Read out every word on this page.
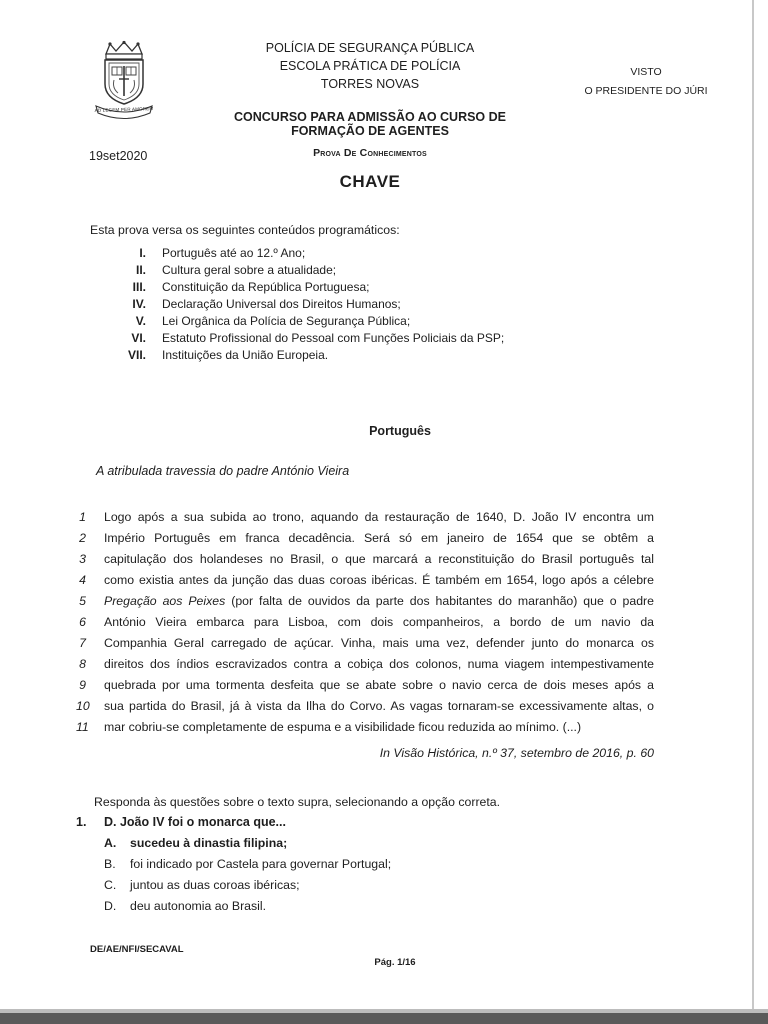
AD LEGEM PER AMOREM
POLÍCIA DE SEGURANÇA PÚBLICA
ESCOLA PRÁTICA DE POLÍCIA
TORRES NOVAS
VISTO
O PRESIDENTE DO JÚRI
CONCURSO PARA ADMISSÃO AO CURSO DE
FORMAÇÃO DE AGENTES
19set2020	Prova De Conhecimentos
CHAVE
Esta prova versa os seguintes conteúdos programáticos:
I. Português até ao 12.º Ano;
II. Cultura geral sobre a atualidade;
III. Constituição da República Portuguesa;
IV. Declaração Universal dos Direitos Humanos;
V. Lei Orgânica da Polícia de Segurança Pública;
VI. Estatuto Profissional do Pessoal com Funções Policiais da PSP;
VII. Instituições da União Europeia.
Português
A atribulada travessia do padre António Vieira
1 Logo após a sua subida ao trono, aquando da restauração de 1640, D. João IV encontra um
2 Império Português em franca decadência. Será só em janeiro de 1654 que se obtêm a
3 capitulação dos holandeses no Brasil, o que marcará a reconstituição do Brasil português tal
4 como existia antes da junção das duas coroas ibéricas. É também em 1654, logo após a célebre
5 Pregação aos Peixes (por falta de ouvidos da parte dos habitantes do maranhão) que o padre
6 António Vieira embarca para Lisboa, com dois companheiros, a bordo de um navio da
7 Companhia Geral carregado de açúcar. Vinha, mais uma vez, defender junto do monarca os
8 direitos dos índios escravizados contra a cobiça dos colonos, numa viagem intempestivamente
9 quebrada por uma tormenta desfeita que se abate sobre o navio cerca de dois meses após a
10 sua partida do Brasil, já à vista da Ilha do Corvo. As vagas tornaram-se excessivamente altas, o
11 mar cobriu-se completamente de espuma e a visibilidade ficou reduzida ao mínimo. (...)
In Visão Histórica, n.º 37, setembro de 2016, p. 60
Responda às questões sobre o texto supra, selecionando a opção correta.
1. D. João IV foi o monarca que...
A. sucedeu à dinastia filipina;
B.	foi indicado por Castela para governar Portugal;
C. juntou as duas coroas ibéricas;
D. deu autonomia ao Brasil.
DE/AE/NFI/SECAVAL
Pág. 1/16
